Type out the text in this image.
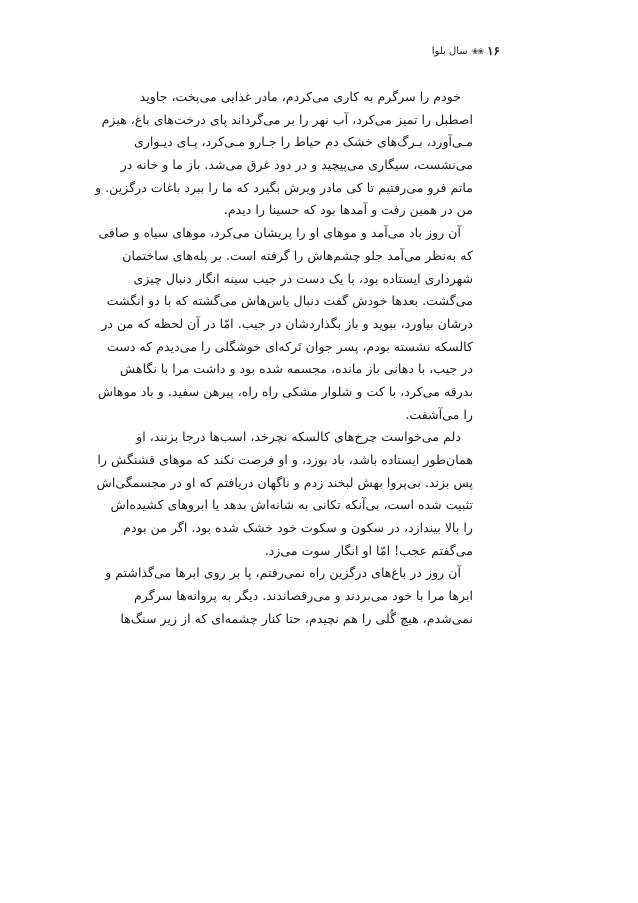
۱۶
❀❀
سال بلوا
خودم را سرگرم به کاری می‌کردم، مادر غذایی می‌پخت، جاوید
اصطبل را تمیز می‌کرد، آب نهر را بر می‌گرداند پای درخت‌های باغ، هیزم
مـی‌آورد، بـرگ‌های خشک دم حیاط را جـارو مـی‌کرد، پـای دیـواری
می‌نشست، سیگاری می‌پیچید و در دود غرق می‌شد. باز ما و خانه در
ماتم فرو می‌رفتیم تا کی مادر ویرش بگیرد که ما را ببرد باغات درگزین. و
من در همین رفت و آمدها بود که حسینا را دیدم.
آن روز باد می‌آمد و موهای او را پریشان می‌کرد، موهای سیاه و صافی
که به‌نظر می‌آمد جلو چشم‌هاش را گرفته است. بر پله‌های ساختمان
شهرداری ایستاده بود، با یک دست در جیب سینه انگار دنبال چیزی
می‌گشت. بعدها خودش گفت دنبال یاس‌هاش می‌گشته که با دو انگشت
درشان بیاورد، ببوید و باز بگذاردشان در جیب. امّا در آن لحظه که من در
کالسکه نشسته بودم، پسر جوان تَرکه‌ای خوشگلی را می‌دیدم که دست
در جیب، با دهانی باز مانده، مجسمه شده بود و داشت مرا با نگاهش
بدرقه می‌کرد، با کت و شلوار مشکی راه راه، پیرهن سفید. و باد موهاش
را می‌آشفت.
دلم می‌خواست چرخ‌های کالسکه نچرخد، اسب‌ها درجا بزنند، او
همان‌طور ایستاده باشد، باد بوزد، و او فرصت نکند که موهای قشنگش را
پس بزند. بی‌پروا بهش لبخند زدم و ناگهان دریافتم که او در مجسمگی‌اش
تثبیت شده است، بی‌آنکه تکانی به شانه‌اش بدهد یا ابروهای کشیده‌اش
را بالا بیندازد، در سکون و سکوت خود خشک شده بود. اگر من بودم
می‌گفتم عجب! امّا او انگار سوت می‌زد.
آن روز در باغ‌های درگزین راه نمی‌رفتم، پا بر روی ابرها می‌گذاشتم و
ابرها مرا با خود می‌بردند و می‌رقصاندند. دیگر به پروانه‌ها سرگرم
نمی‌شدم، هیچ گُلی را هم نچیدم، حتا کنار چشمه‌ای که از زیر سنگ‌ها
